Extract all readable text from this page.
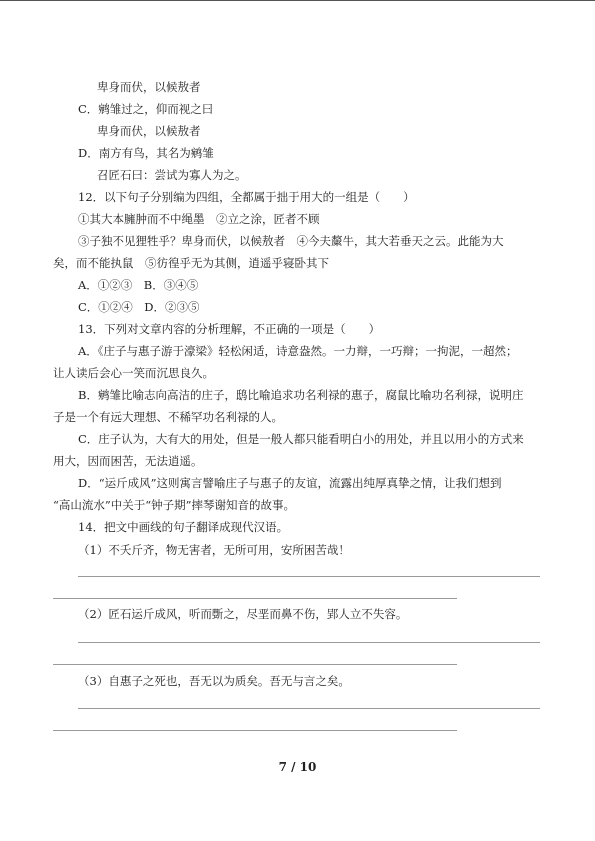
卑身而伏，以候敖者
C．鹓雏过之，仰而视之曰
卑身而伏，以候敖者
D．南方有鸟，其名为鹓雏
召匠石曰：尝试为寡人为之。
12．以下句子分别编为四组，全都属于拙于用大的一组是（　　）
①其大本臃肿而不中绳墨　②立之涂，匠者不顾
③子独不见狸牲乎？卑身而伏，以候敖者　④今夫斄牛，其大若垂天之云。此能为大
矣，而不能执鼠　⑤彷徨乎无为其侧，逍遥乎寝卧其下
A．①②③　B．③④⑤
C．①②④　D．②③⑤
13．下列对文章内容的分析理解，不正确的一项是（　　）
A．《庄子与惠子游于濠梁》轻松闲适，诗意盎然。一力辩，一巧辩；一拘泥，一超然；
让人读后会心一笑而沉思良久。
B．鹓雏比喻志向高洁的庄子，鸱比喻追求功名利禄的惠子，腐鼠比喻功名利禄，说明庄
子是一个有远大理想、不稀罕功名利禄的人。
C．庄子认为，大有大的用处，但是一般人都只能看明白小的用处，并且以用小的方式来
用大，因而困苦，无法逍遥。
D．“运斤成风”这则寓言譬喻庄子与惠子的友谊，流露出纯厚真挚之情，让我们想到
“高山流水”中关于“钟子期”摔琴谢知音的故事。
14．把文中画线的句子翻译成现代汉语。
（1）不夭斤齐，物无害者，无所可用，安所困苦哉！
（2）匠石运斤成风，听而斲之，尽垩而鼻不伤，郢人立不失容。
（3）自惠子之死也，吾无以为质矣。吾无与言之矣。
7 / 10
